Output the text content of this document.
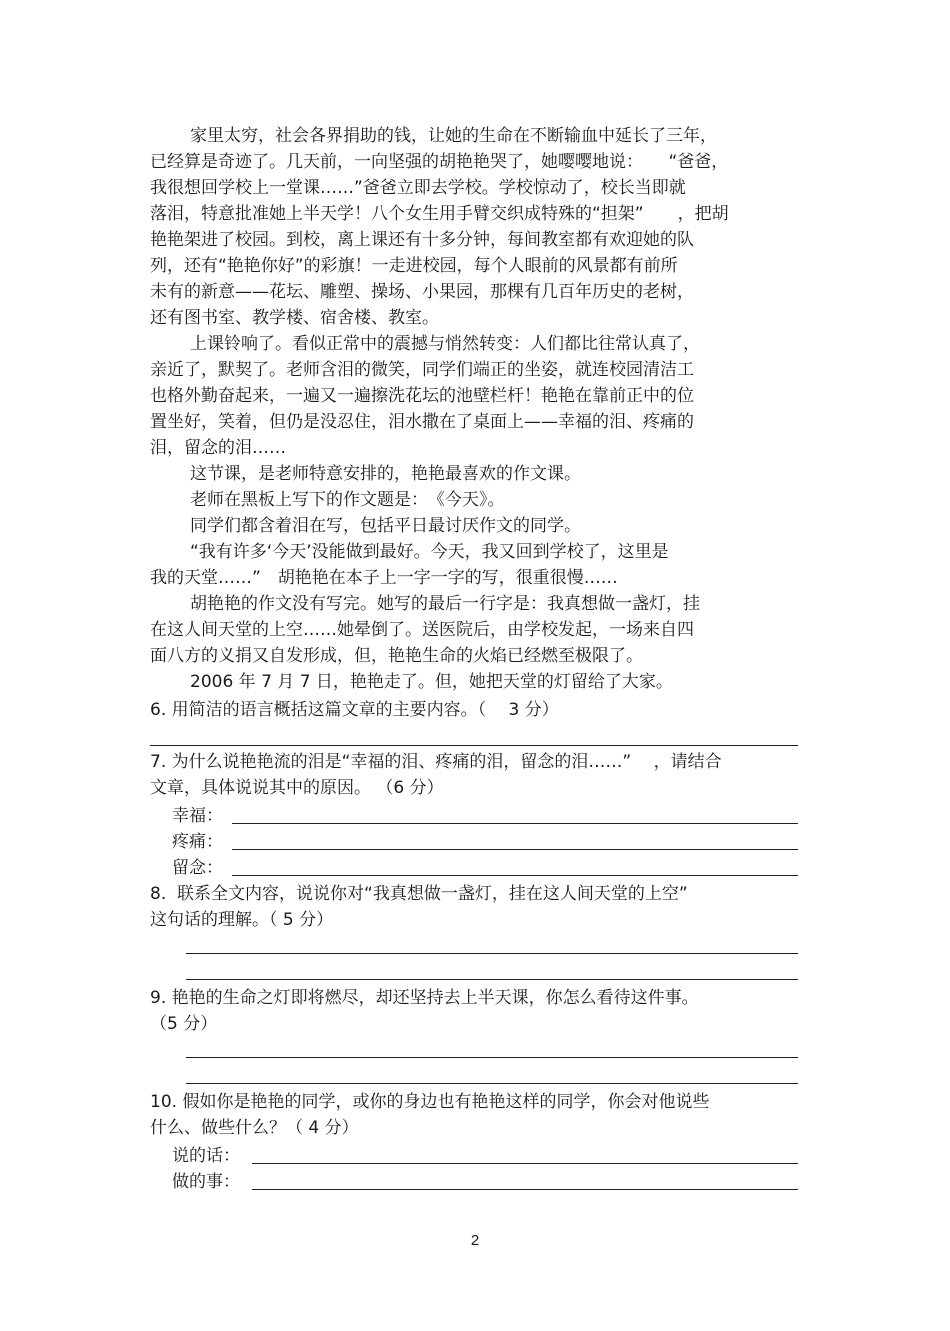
家里太穷，社会各界捐助的钱，让她的生命在不断输血中延长了三年，
已经算是奇迹了。几天前，一向坚强的胡艳艳哭了，她嘤嘤地说：　　“爸爸，
我很想回学校上一堂课……”爸爸立即去学校。学校惊动了，校长当即就
落泪，特意批准她上半天学！八个女生用手臂交织成特殊的“担架”　　，把胡
艳艳架进了校园。到校，离上课还有十多分钟，每间教室都有欢迎她的队
列，还有“艳艳你好”的彩旗！一走进校园，每个人眼前的风景都有前所
未有的新意——花坛、雕塑、操场、小果园，那棵有几百年历史的老树，
还有图书室、教学楼、宿舍楼、教室。
上课铃响了。看似正常中的震撼与悄然转变：人们都比往常认真了，
亲近了，默契了。老师含泪的微笑，同学们端正的坐姿，就连校园清洁工
也格外勤奋起来，一遍又一遍擦洗花坛的池壁栏杆！艳艳在靠前正中的位
置坐好，笑着，但仍是没忍住，泪水撒在了桌面上——幸福的泪、疼痛的
泪，留念的泪……
这节课，是老师特意安排的，艳艳最喜欢的作文课。
老师在黑板上写下的作文题是：　《今天》。
同学们都含着泪在写，包括平日最讨厌作文的同学。
“我有许多‘今天’没能做到最好。今天，我又回到学校了，这里是
我的天堂……”　胡艳艳在本子上一字一字的写，很重很慢……
胡艳艳的作文没有写完。她写的最后一行字是：我真想做一盏灯，挂
在这人间天堂的上空……她晕倒了。送医院后，由学校发起，一场来自四
面八方的义捐又自发形成，但，艳艳生命的火焰已经燃至极限了。
2006 年 7 月 7 日，艳艳走了。但，她把天堂的灯留给了大家。
6. 用简洁的语言概括这篇文章的主要内容。（　 3 分）
7. 为什么说艳艳流的泪是“幸福的泪、疼痛的泪，留念的泪……”　 ，请结合
文章，具体说说其中的原因。 （6 分）
幸福：
疼痛：
留念：
8.  联系全文内容，说说你对“我真想做一盏灯，挂在这人间天堂的上空”
这句话的理解。（ 5 分）
9. 艳艳的生命之灯即将燃尽，却还坚持去上半天课，你怎么看待这件事。
（5 分）
10. 假如你是艳艳的同学，或你的身边也有艳艳这样的同学，你会对他说些
什么、做些什么？（ 4 分）
说的话：
做的事：
2
